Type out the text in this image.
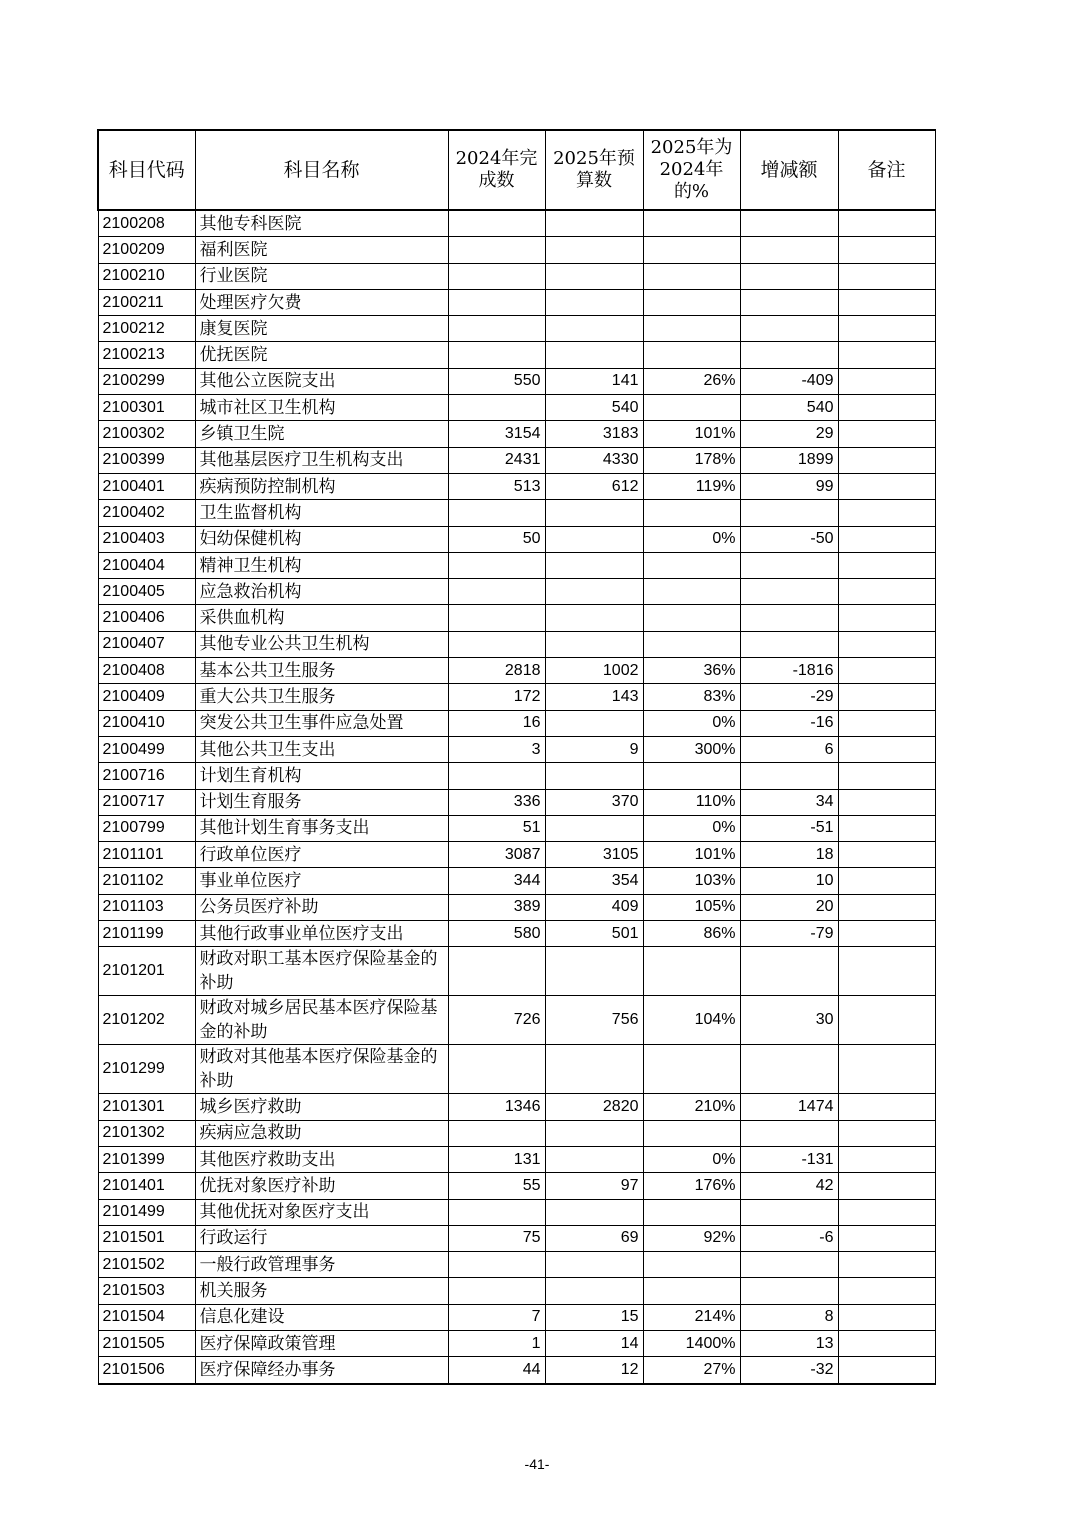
科目代码	科目名称	2024年完成数	2025年预算数	2025年为2024年的%	增减额	备注
2100208	其他专科医院					
2100209	福利医院					
2100210	行业医院					
2100211	处理医疗欠费					
2100212	康复医院					
2100213	优抚医院					
2100299	其他公立医院支出	550	141	26%	-409	
2100301	城市社区卫生机构		540		540	
2100302	乡镇卫生院	3154	3183	101%	29	
2100399	其他基层医疗卫生机构支出	2431	4330	178%	1899	
2100401	疾病预防控制机构	513	612	119%	99	
2100402	卫生监督机构					
2100403	妇幼保健机构	50		0%	-50	
2100404	精神卫生机构					
2100405	应急救治机构					
2100406	采供血机构					
2100407	其他专业公共卫生机构					
2100408	基本公共卫生服务	2818	1002	36%	-1816	
2100409	重大公共卫生服务	172	143	83%	-29	
2100410	突发公共卫生事件应急处置	16		0%	-16	
2100499	其他公共卫生支出	3	9	300%	6	
2100716	计划生育机构					
2100717	计划生育服务	336	370	110%	34	
2100799	其他计划生育事务支出	51		0%	-51	
2101101	行政单位医疗	3087	3105	101%	18	
2101102	事业单位医疗	344	354	103%	10	
2101103	公务员医疗补助	389	409	105%	20	
2101199	其他行政事业单位医疗支出	580	501	86%	-79	
2101201	财政对职工基本医疗保险基金的补助					
2101202	财政对城乡居民基本医疗保险基金的补助	726	756	104%	30	
2101299	财政对其他基本医疗保险基金的补助					
2101301	城乡医疗救助	1346	2820	210%	1474	
2101302	疾病应急救助					
2101399	其他医疗救助支出	131		0%	-131	
2101401	优抚对象医疗补助	55	97	176%	42	
2101499	其他优抚对象医疗支出					
2101501	行政运行	75	69	92%	-6	
2101502	一般行政管理事务					
2101503	机关服务					
2101504	信息化建设	7	15	214%	8	
2101505	医疗保障政策管理	1	14	1400%	13	
2101506	医疗保障经办事务	44	12	27%	-32	
-41-
